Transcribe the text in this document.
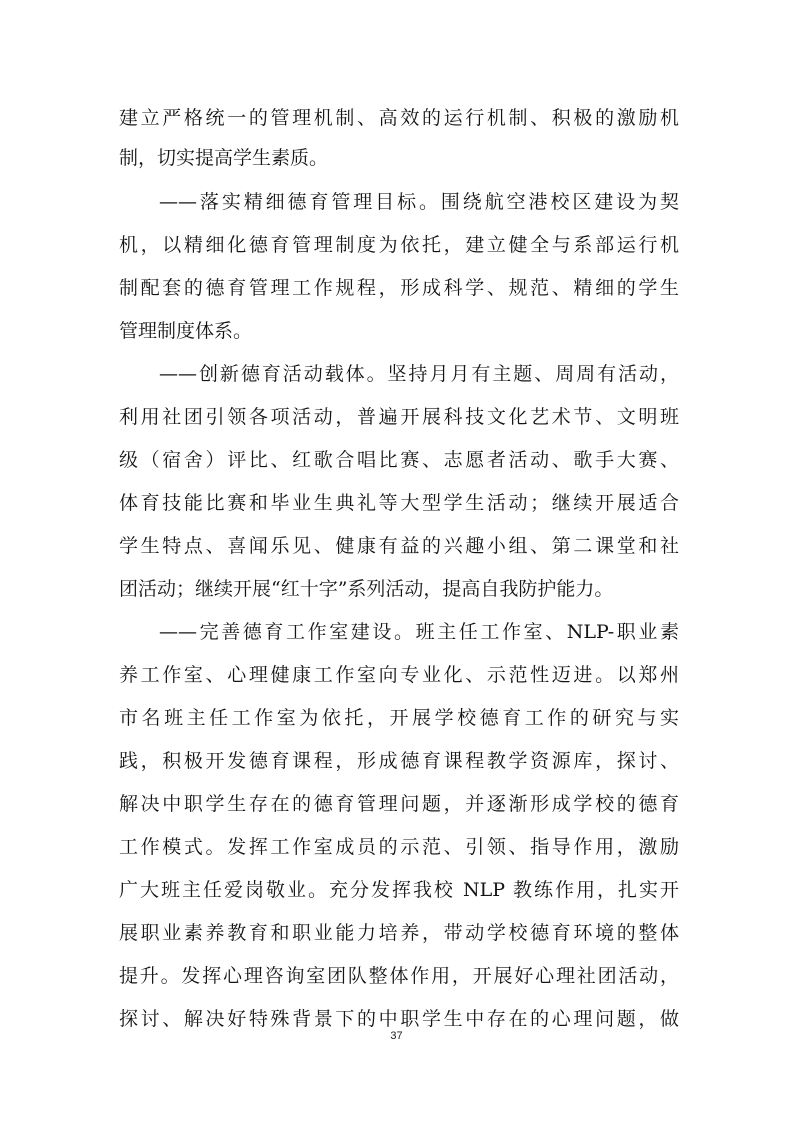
建立严格统一的管理机制、高效的运行机制、积极的激励机
制，切实提高学生素质。
——落实精细德育管理目标。围绕航空港校区建设为契
机，以精细化德育管理制度为依托，建立健全与系部运行机
制配套的德育管理工作规程，形成科学、规范、精细的学生
管理制度体系。
——创新德育活动载体。坚持月月有主题、周周有活动，
利用社团引领各项活动，普遍开展科技文化艺术节、文明班
级（宿舍）评比、红歌合唱比赛、志愿者活动、歌手大赛、
体育技能比赛和毕业生典礼等大型学生活动；继续开展适合
学生特点、喜闻乐见、健康有益的兴趣小组、第二课堂和社
团活动；继续开展“红十字”系列活动，提高自我防护能力。
——完善德育工作室建设。班主任工作室、NLP-职业素
养工作室、心理健康工作室向专业化、示范性迈进。以郑州
市名班主任工作室为依托，开展学校德育工作的研究与实
践，积极开发德育课程，形成德育课程教学资源库，探讨、
解决中职学生存在的德育管理问题，并逐渐形成学校的德育
工作模式。发挥工作室成员的示范、引领、指导作用，激励
广大班主任爱岗敬业。充分发挥我校 NLP 教练作用，扎实开
展职业素养教育和职业能力培养，带动学校德育环境的整体
提升。发挥心理咨询室团队整体作用，开展好心理社团活动，
探讨、解决好特殊背景下的中职学生中存在的心理问题，做
37
